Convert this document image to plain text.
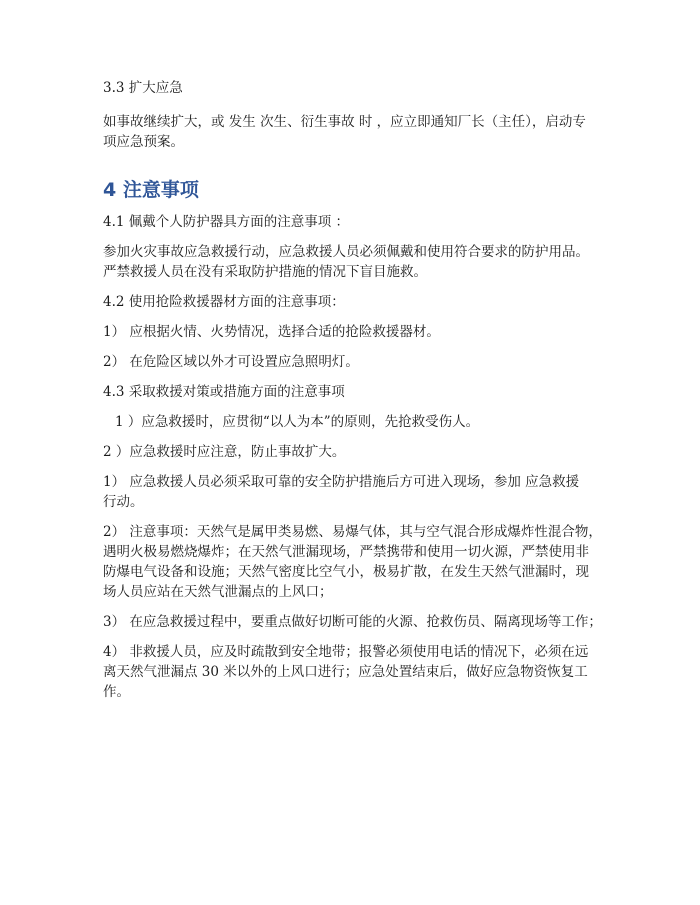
3.3 扩大应急

如事故继续扩大，或 发生 次生、衍生事故 时 ，应立即通知厂长（主任），启动专

项应急预案。

4 注意事项

4.1 佩戴个人防护器具方面的注意事项 ：

参加火灾事故应急救援行动，应急救援人员必须佩戴和使用符合要求的防护用品。

严禁救援人员在没有采取防护措施的情况下盲目施救。

4.2 使用抢险救援器材方面的注意事项：

1） 应根据火情、火势情况，选择合适的抢险救援器材。

2） 在危险区域以外才可设置应急照明灯。

4.3 采取救援对策或措施方面的注意事项

1 ）应急救援时，应贯彻“以人为本”的原则，先抢救受伤人。

2 ）应急救援时应注意，防止事故扩大。

1） 应急救援人员必须采取可靠的安全防护措施后方可进入现场，参加 应急救援

行动。

2） 注意事项：天然气是属甲类易燃、易爆气体，其与空气混合形成爆炸性混合物，

遇明火极易燃烧爆炸；在天然气泄漏现场，严禁携带和使用一切火源，严禁使用非

防爆电气设备和设施；天然气密度比空气小，极易扩散，在发生天然气泄漏时，现

场人员应站在天然气泄漏点的上风口；

3） 在应急救援过程中，要重点做好切断可能的火源、抢救伤员、隔离现场等工作；

4） 非救援人员，应及时疏散到安全地带；报警必须使用电话的情况下，必须在远

离天然气泄漏点 30 米以外的上风口进行；应急处置结束后，做好应急物资恢复工

作。
